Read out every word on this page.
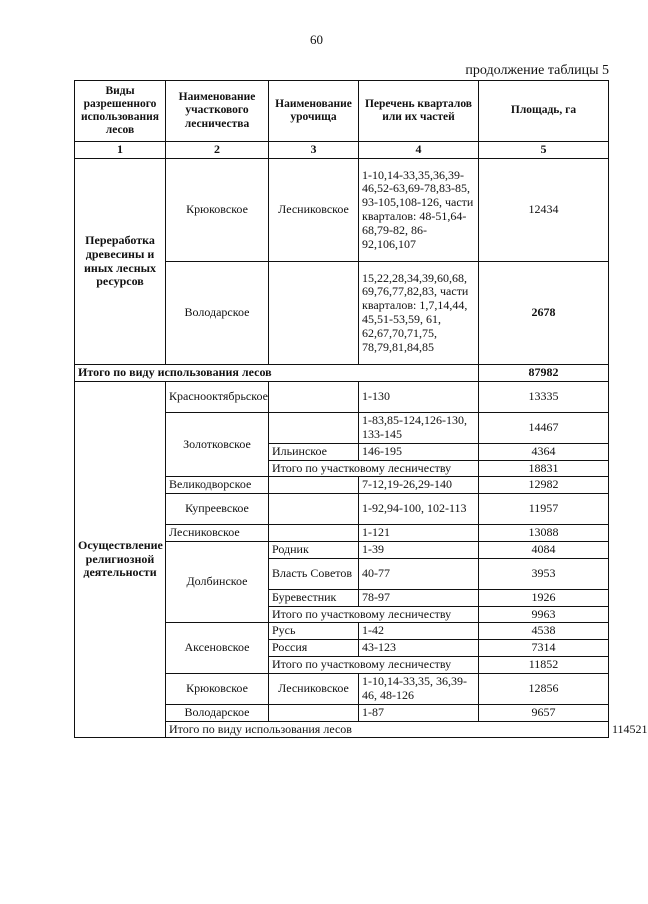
60
продолжение таблицы 5
Виды разрешенного использования лесов	Наименование участкового лесничества	Наименование урочища	Перечень кварталов или их частей	Площадь, га	
1	2	3	4	5	
Переработка древесины и иных лесных ресурсов	Крюковское	Лесниковское	1-10,14-33,35,36,39-46,52-63,69-78,83-85, 93-105,108-126, части кварталов: 48-51,64-68,79-82, 86-92,106,107	12434	
	Володарское		15,22,28,34,39,60,68, 69,76,77,82,83, части кварталов: 1,7,14,44, 45,51-53,59, 61, 62,67,70,71,75, 78,79,81,84,85	2678	
Итого по виду использования лесов				87982	
Осуществление религиозной деятельности	Краснооктябрьское		1-130	13335	
	Золотковское		1-83,85-124,126-130, 133-145	14467	
		Ильинское	146-195	4364	
		Итого по участковому лесничеству		18831	
	Великодворское		7-12,19-26,29-140	12982	
	Купреевское		1-92,94-100, 102-113	11957	
	Лесниковское		1-121	13088	
	Долбинское	Родник	1-39	4084	
		Власть Советов	40-77	3953	
		Буревестник	78-97	1926	
		Итого по участковому лесничеству		9963	
	Аксеновское	Русь	1-42	4538	
		Россия	43-123	7314	
		Итого по участковому лесничеству		11852	
	Крюковское	Лесниковское	1-10,14-33,35, 36,39-46, 48-126	12856	
	Володарское		1-87	9657	
	Итого по виду использования лесов				114521
